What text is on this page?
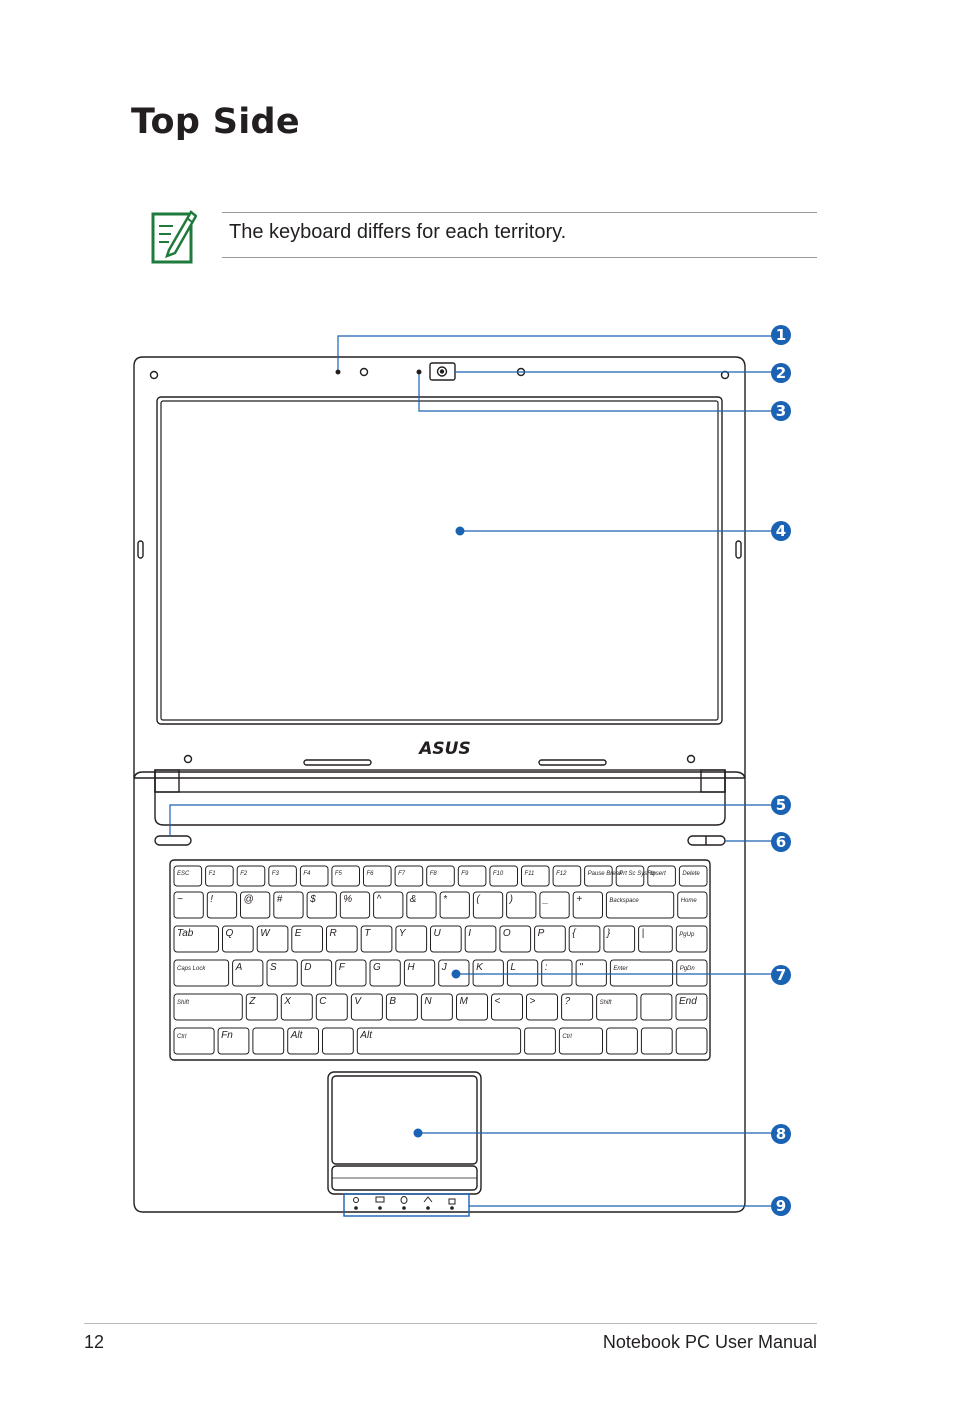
Top Side
The keyboard differs for each territory.
ASUS
ESC	F1	F2	F3	F4	F5	F6	F7	F8	F9	F10	F11	F12	Pause Break
Prt Sc SysRq
Insert	Delete
~	!	@ #	$	% ^	&	*	(	)	_	+	Backspace	Home
Tab	Q	W	E	R	T	Y	U	I	O	P	{	}	|	PgUp
Caps Lock	A	S	D	F	G	H	J	K	L	:	"	Enter	PgDn
Shift	Z	X	C	V	B	N	M	<	>	?	Shift	End
Ctrl	Fn	Alt	Alt	Ctrl
1
2
3
4
5
6
7
8
9
12	Notebook PC User Manual
